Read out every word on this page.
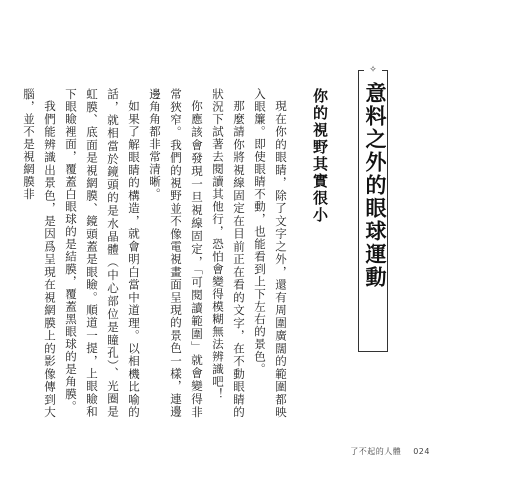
✧
意料之外的眼球運動
你的視野其實很小

現在你的眼睛，除了文字之外，還有周圍廣闊的範圍都映入眼簾。即使眼睛不動，也能看到上下左右的景色。

那麼請你將視線固定在目前正在看的文字，在不動眼睛的狀況下試著去閱讀其他行，恐怕會變得模糊無法辨識吧！

你應該會發現一旦視線固定，「可閱讀範圍」就會變得非常狹窄。我們的視野並不像電視畫面呈現的景色一樣，連邊邊角角都非常清晰。

如果了解眼睛的構造，就會明白當中道理。以相機比喻的話，就相當於鏡頭的是水晶體（中心部位是瞳孔）、光圈是虹膜、底面是視網膜、鏡頭蓋是眼瞼。順道一提，上眼瞼和下眼瞼裡面，覆蓋白眼球的是結膜，覆蓋黑眼球的是角膜。

我們能辨識出景色，是因爲呈現在視網膜上的影像傳到大腦，並不是視網膜非

了不起的人體 024
